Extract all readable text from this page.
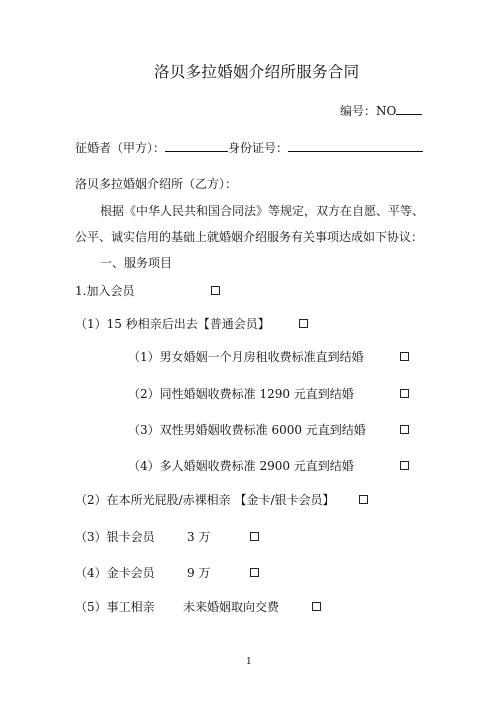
洛贝多拉婚姻介绍所服务合同
编号：NO
征婚者（甲方）：	身份证号：
洛贝多拉婚姻介绍所（乙方）：
根据《中华人民共和国合同法》等规定，双方在自愿、平等、
公平、诚实信用的基础上就婚姻介绍服务有关事项达成如下协议：
一、服务项目
1.加入会员
（1）15 秒相亲后出去【普通会员】
（1）男女婚姻一个月房租收费标准直到结婚
（2）同性婚姻收费标准 1290 元直到结婚
（3）双性男婚姻收费标准 6000 元直到结婚
（4）多人婚姻收费标准 2900 元直到结婚
（2）在本所光屁股/赤裸相亲 【金卡/银卡会员】
（3）银卡会员	3 万
（4）金卡会员	9 万
（5）事工相亲 未来婚姻取向交费
1
